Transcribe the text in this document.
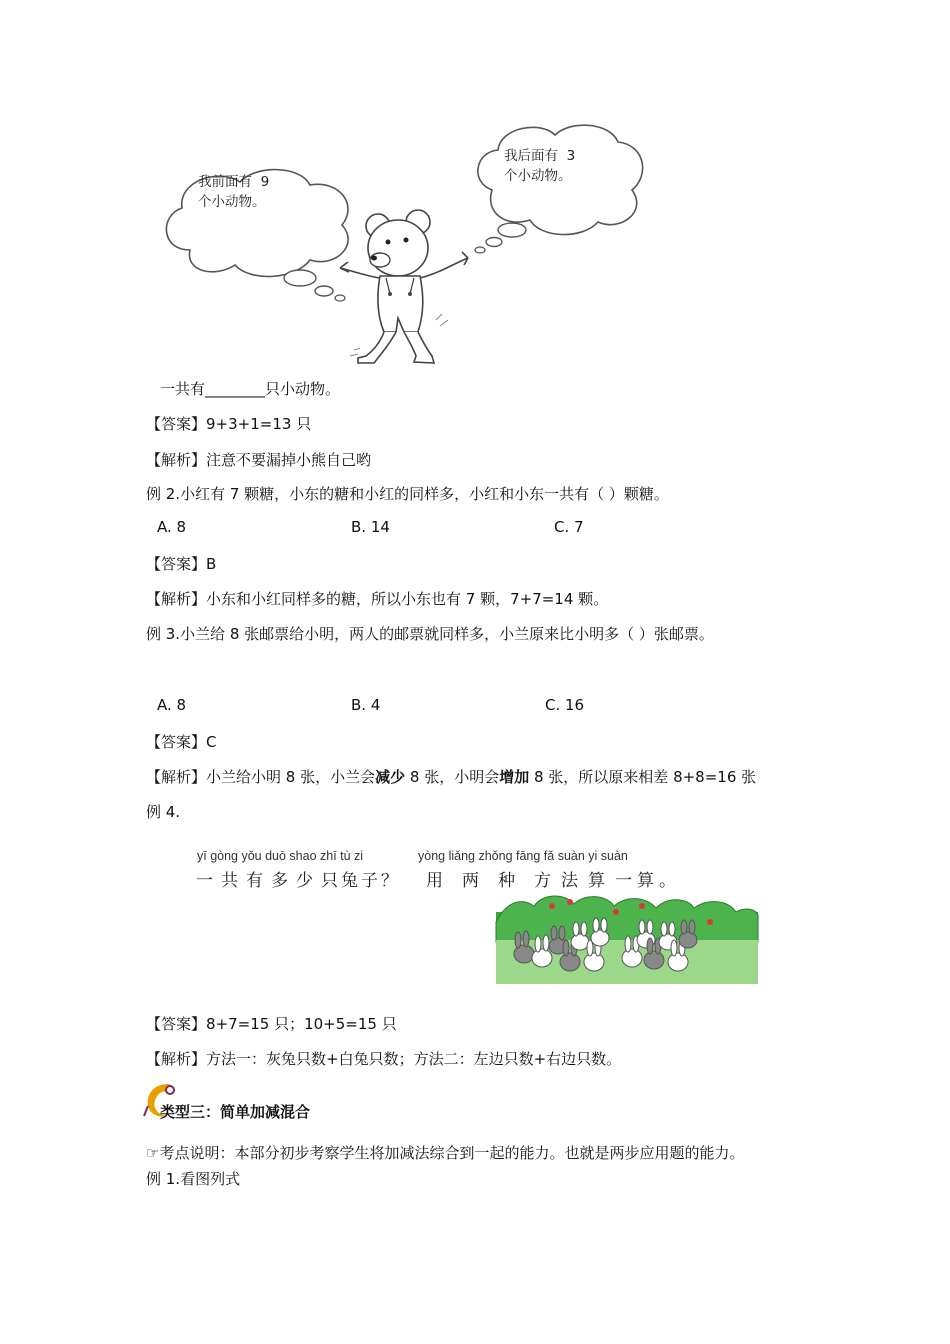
我前面有 9
个小动物。
我后面有 3
个小动物。
一共有________只小动物。
【答案】9+3+1=13 只
【解析】注意不要漏掉小熊自己哟
例 2.小红有 7 颗糖，小东的糖和小红的同样多，小红和小东一共有（ ）颗糖。
A. 8	B. 14	C. 7
【答案】B
【解析】小东和小红同样多的糖，所以小东也有 7 颗，7+7=14 颗。
例 3.小兰给 8 张邮票给小明，两人的邮票就同样多，小兰原来比小明多（ ）张邮票。
A. 8	B. 4	C. 16
【答案】C
【解析】小兰给小明 8 张，小兰会减少 8 张，小明会增加 8 张，所以原来相差 8+8=16 张
例 4.
yī gòng yǒu duō shao zhī tù zi	yòng liǎng zhǒng fāng fǎ suàn yi suàn
一 共 有 多 少 只 兔 子 ？ 用 两 种 方 法 算 一 算 。
【答案】8+7=15 只；10+5=15 只
【解析】方法一：灰兔只数+白兔只数；方法二：左边只数+右边只数。
类型三：简单加减混合
☞考点说明：本部分初步考察学生将加减法综合到一起的能力。也就是两步应用题的能力。
例 1.看图列式
